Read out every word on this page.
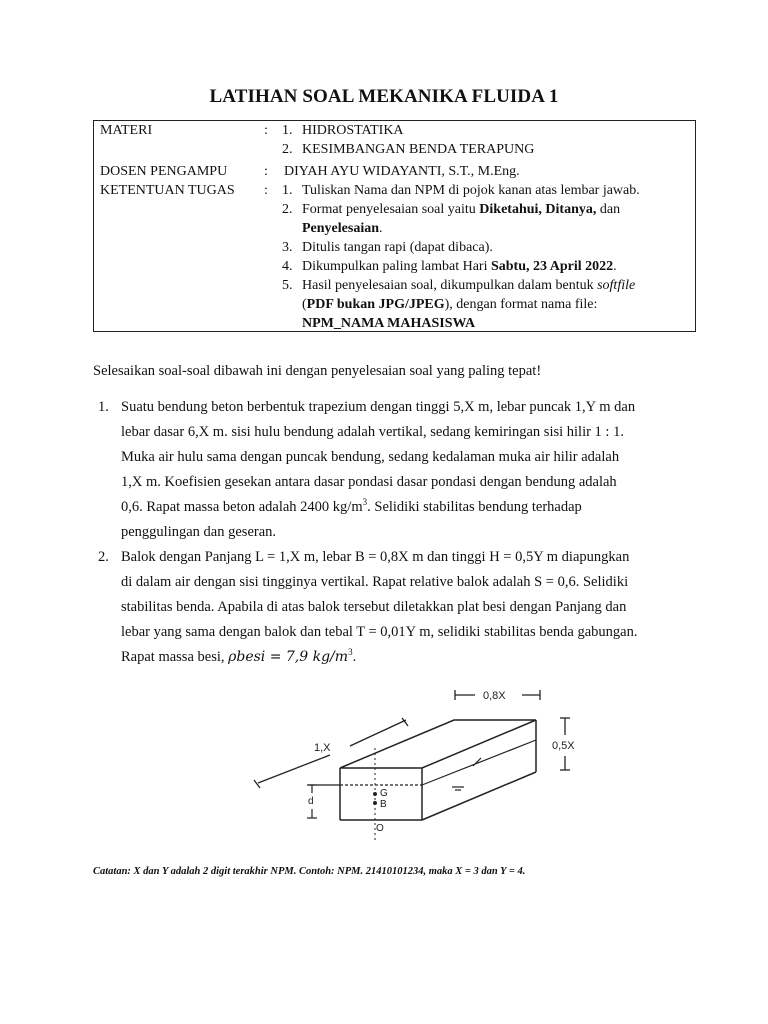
LATIHAN SOAL MEKANIKA FLUIDA 1
MATERI	: 1. HIDROSTATIKA
2. KESIMBANGAN BENDA TERAPUNG
DOSEN PENGAMPU	: DIYAH AYU WIDAYANTI, S.T., M.Eng.
KETENTUAN TUGAS : 1. Tuliskan Nama dan NPM di pojok kanan atas lembar jawab.
2. Format penyelesaian soal yaitu Diketahui, Ditanya, dan
Penyelesaian.
3. Ditulis tangan rapi (dapat dibaca).
4. Dikumpulkan paling lambat Hari Sabtu, 23 April 2022.
5. Hasil penyelesaian soal, dikumpulkan dalam bentuk softfile
(PDF bukan JPG/JPEG), dengan format nama file:
NPM_NAMA MAHASISWA
Selesaikan soal-soal dibawah ini dengan penyelesaian soal yang paling tepat!
1. Suatu bendung beton berbentuk trapezium dengan tinggi 5,X m, lebar puncak 1,Y m dan
lebar dasar 6,X m. sisi hulu bendung adalah vertikal, sedang kemiringan sisi hilir 1 : 1.
Muka air hulu sama dengan puncak bendung, sedang kedalaman muka air hilir adalah
1,X m. Koefisien gesekan antara dasar pondasi dasar pondasi dengan bendung adalah
0,6. Rapat massa beton adalah 2400 $kg/m^3$. Selidiki stabilitas bendung terhadap
penggulingan dan geseran.
2. Balok dengan Panjang L = 1,X m, lebar B = 0,8X m dan tinggi H = 0,5Y m diapungkan
di dalam air dengan sisi tingginya vertikal. Rapat relative balok adalah S = 0,6. Selidiki
stabilitas benda. Apabila di atas balok tersebut diletakkan plat besi dengan Panjang dan
lebar yang sama dengan balok dan tebal T = 0,01Y m, selidiki stabilitas benda gabungan.
Rapat massa besi, ρbesi = 7,9 $kg/m^3$.
0,8X
0,5X
1,X
G
B
O
d
Catatan: X dan Y adalah 2 digit terakhir NPM. Contoh: NPM. 21410101234, maka X = 3 dan Y = 4.
